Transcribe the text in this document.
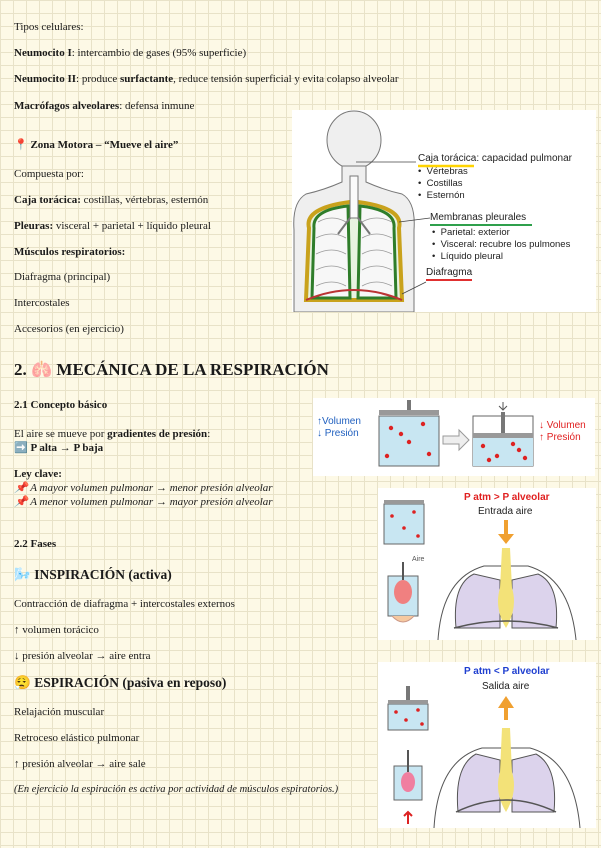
Tipos celulares:
Neumocito I: intercambio de gases (95% superficie)
Neumocito II: produce surfactante, reduce tensión superficial y evita colapso alveolar
Macrófagos alveolares: defensa inmune
📍 Zona Motora – “Mueve el aire”
Compuesta por:
Caja torácica: costillas, vértebras, esternón
Pleuras: visceral + parietal + líquido pleural
Músculos respiratorios:
Diafragma (principal)
Intercostales
Accesorios (en ejercicio)
2. 🫁 MECÁNICA DE LA RESPIRACIÓN
2.1 Concepto básico
El aire se mueve por gradientes de presión:
➡️ P alta → P baja
Ley clave:
📌 A mayor volumen pulmonar → menor presión alveolar
📌 A menor volumen pulmonar → mayor presión alveolar
2.2 Fases
🌬️ INSPIRACIÓN (activa)
Contracción de diafragma + intercostales externos
↑ volumen torácico
↓ presión alveolar → aire entra
😮‍💨 ESPIRACIÓN (pasiva en reposo)
Relajación muscular
Retroceso elástico pulmonar
↑ presión alveolar → aire sale
(En ejercicio la espiración es activa por actividad de músculos espiratorios.)
Caja torácica: capacidad pulmonar
•  Vértebras
•  Costillas
•  Esternón
Membranas pleurales
•  Parietal: exterior
•  Visceral: recubre los pulmones
•  Líquido pleural
Diafragma
↑Volumen
↓ Presión
↓ Volumen
↑ Presión
P atm > P alveolar
Entrada aire
Aire
P atm < P alveolar
Salida aire
